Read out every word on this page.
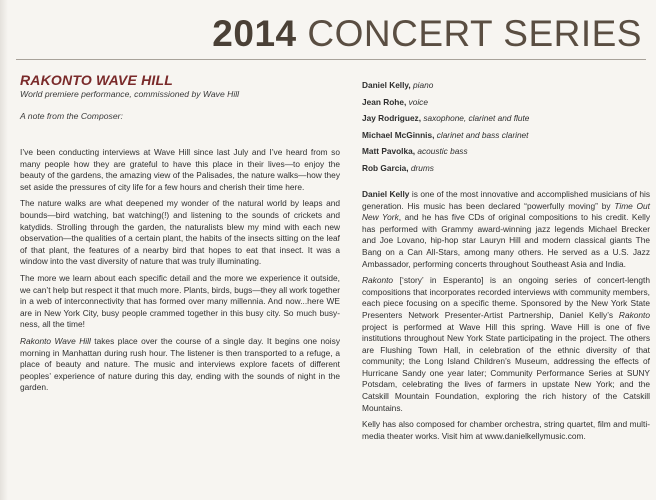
2014 CONCERT SERIES
RAKONTO WAVE HILL

World premiere performance, commissioned by Wave Hill

A note from the Composer:

I’ve been conducting interviews at Wave Hill since last July and I’ve heard from so many people how they are grateful to have this place in their lives—to enjoy the beauty of the gardens, the amazing view of the Palisades, the nature walks—how they set aside the pressures of city life for a few hours and cherish their time here.

The nature walks are what deepened my wonder of the natural world by leaps and bounds—bird watching, bat watching(!) and listening to the sounds of crickets and katydids. Strolling through the garden, the naturalists blew my mind with each new observation—the qualities of a certain plant, the habits of the insects sitting on the leaf of that plant, the features of a nearby bird that hopes to eat that insect. It was a window into the vast diversity of nature that was truly illuminating.

The more we learn about each specific detail and the more we experience it outside, we can’t help but respect it that much more. Plants, birds, bugs—they all work together in a web of interconnectivity that has formed over many millennia. And now...here WE are in New York City, busy people crammed together in this busy city. So much busy-ness, all the time!

Rakonto Wave Hill takes place over the course of a single day. It begins one noisy morning in Manhattan during rush hour. The listener is then transported to a refuge, a place of beauty and nature. The music and interviews explore facets of different peoples’ experience of nature during this day, ending with the sounds of night in the garden.

Daniel Kelly, piano
Jean Rohe, voice
Jay Rodriguez, saxophone, clarinet and flute
Michael McGinnis, clarinet and bass clarinet
Matt Pavolka, acoustic bass
Rob Garcia, drums

Daniel Kelly is one of the most innovative and accomplished musicians of his generation. His music has been declared “powerfully moving” by Time Out New York, and he has five CDs of original compositions to his credit. Kelly has performed with Grammy award-winning jazz legends Michael Brecker and Joe Lovano, hip-hop star Lauryn Hill and modern classical giants The Bang on a Can All-Stars, among many others. He served as a U.S. Jazz Ambassador, performing concerts throughout Southeast Asia and India.

Rakonto [‘story’ in Esperanto] is an ongoing series of concert-length compositions that incorporates recorded interviews with community members, each piece focusing on a specific theme. Sponsored by the New York State Presenters Network Presenter-Artist Partnership, Daniel Kelly’s Rakonto project is performed at Wave Hill this spring. Wave Hill is one of five institutions throughout New York State participating in the project. The others are Flushing Town Hall, in celebration of the ethnic diversity of that community; the Long Island Children’s Museum, addressing the effects of Hurricane Sandy one year later; Community Performance Series at SUNY Potsdam, celebrating the lives of farmers in upstate New York; and the Catskill Mountain Foundation, exploring the rich history of the Catskill Mountains.

Kelly has also composed for chamber orchestra, string quartet, film and multi-media theater works. Visit him at www.danielkellymusic.com.
